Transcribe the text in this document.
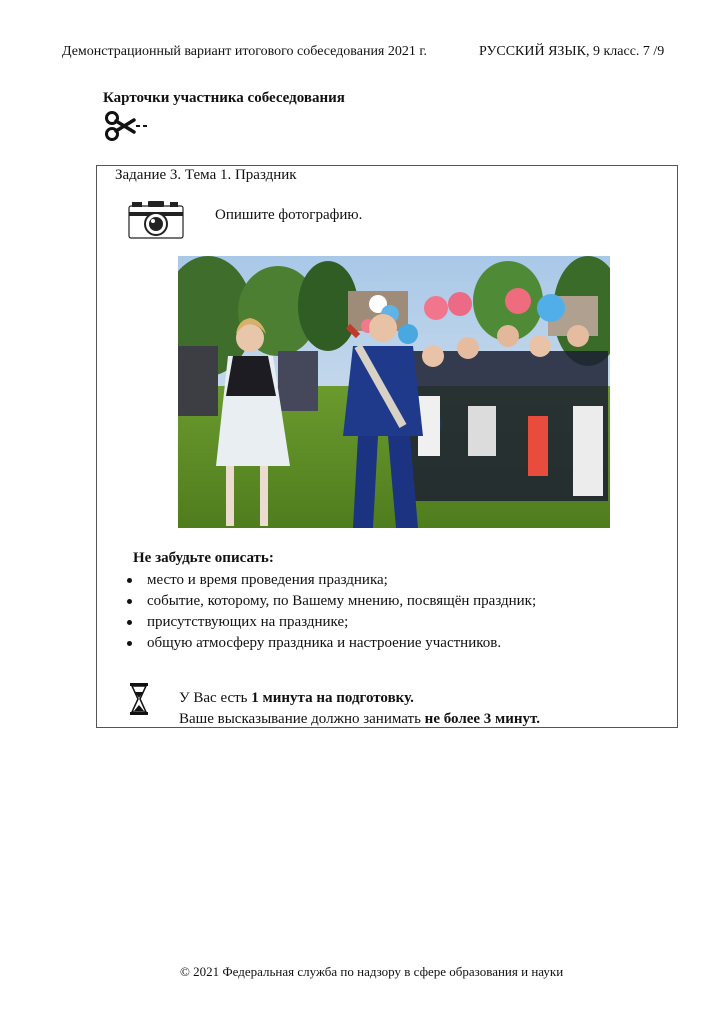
Демонстрационный вариант итогового собеседования 2021 г.	РУССКИЙ ЯЗЫК, 9 класс. 7 /9
Карточки участника собеседования
Задание 3. Тема 1. Праздник
Опишите фотографию.
Не забудьте описать:
место и время проведения праздника;
событие, которому, по Вашему мнению, посвящён праздник;
присутствующих на празднике;
общую атмосферу праздника и настроение участников.
У Вас есть 1 минута на подготовку.
Ваше высказывание должно занимать не более 3 минут.
© 2021 Федеральная служба по надзору в сфере образования и науки
